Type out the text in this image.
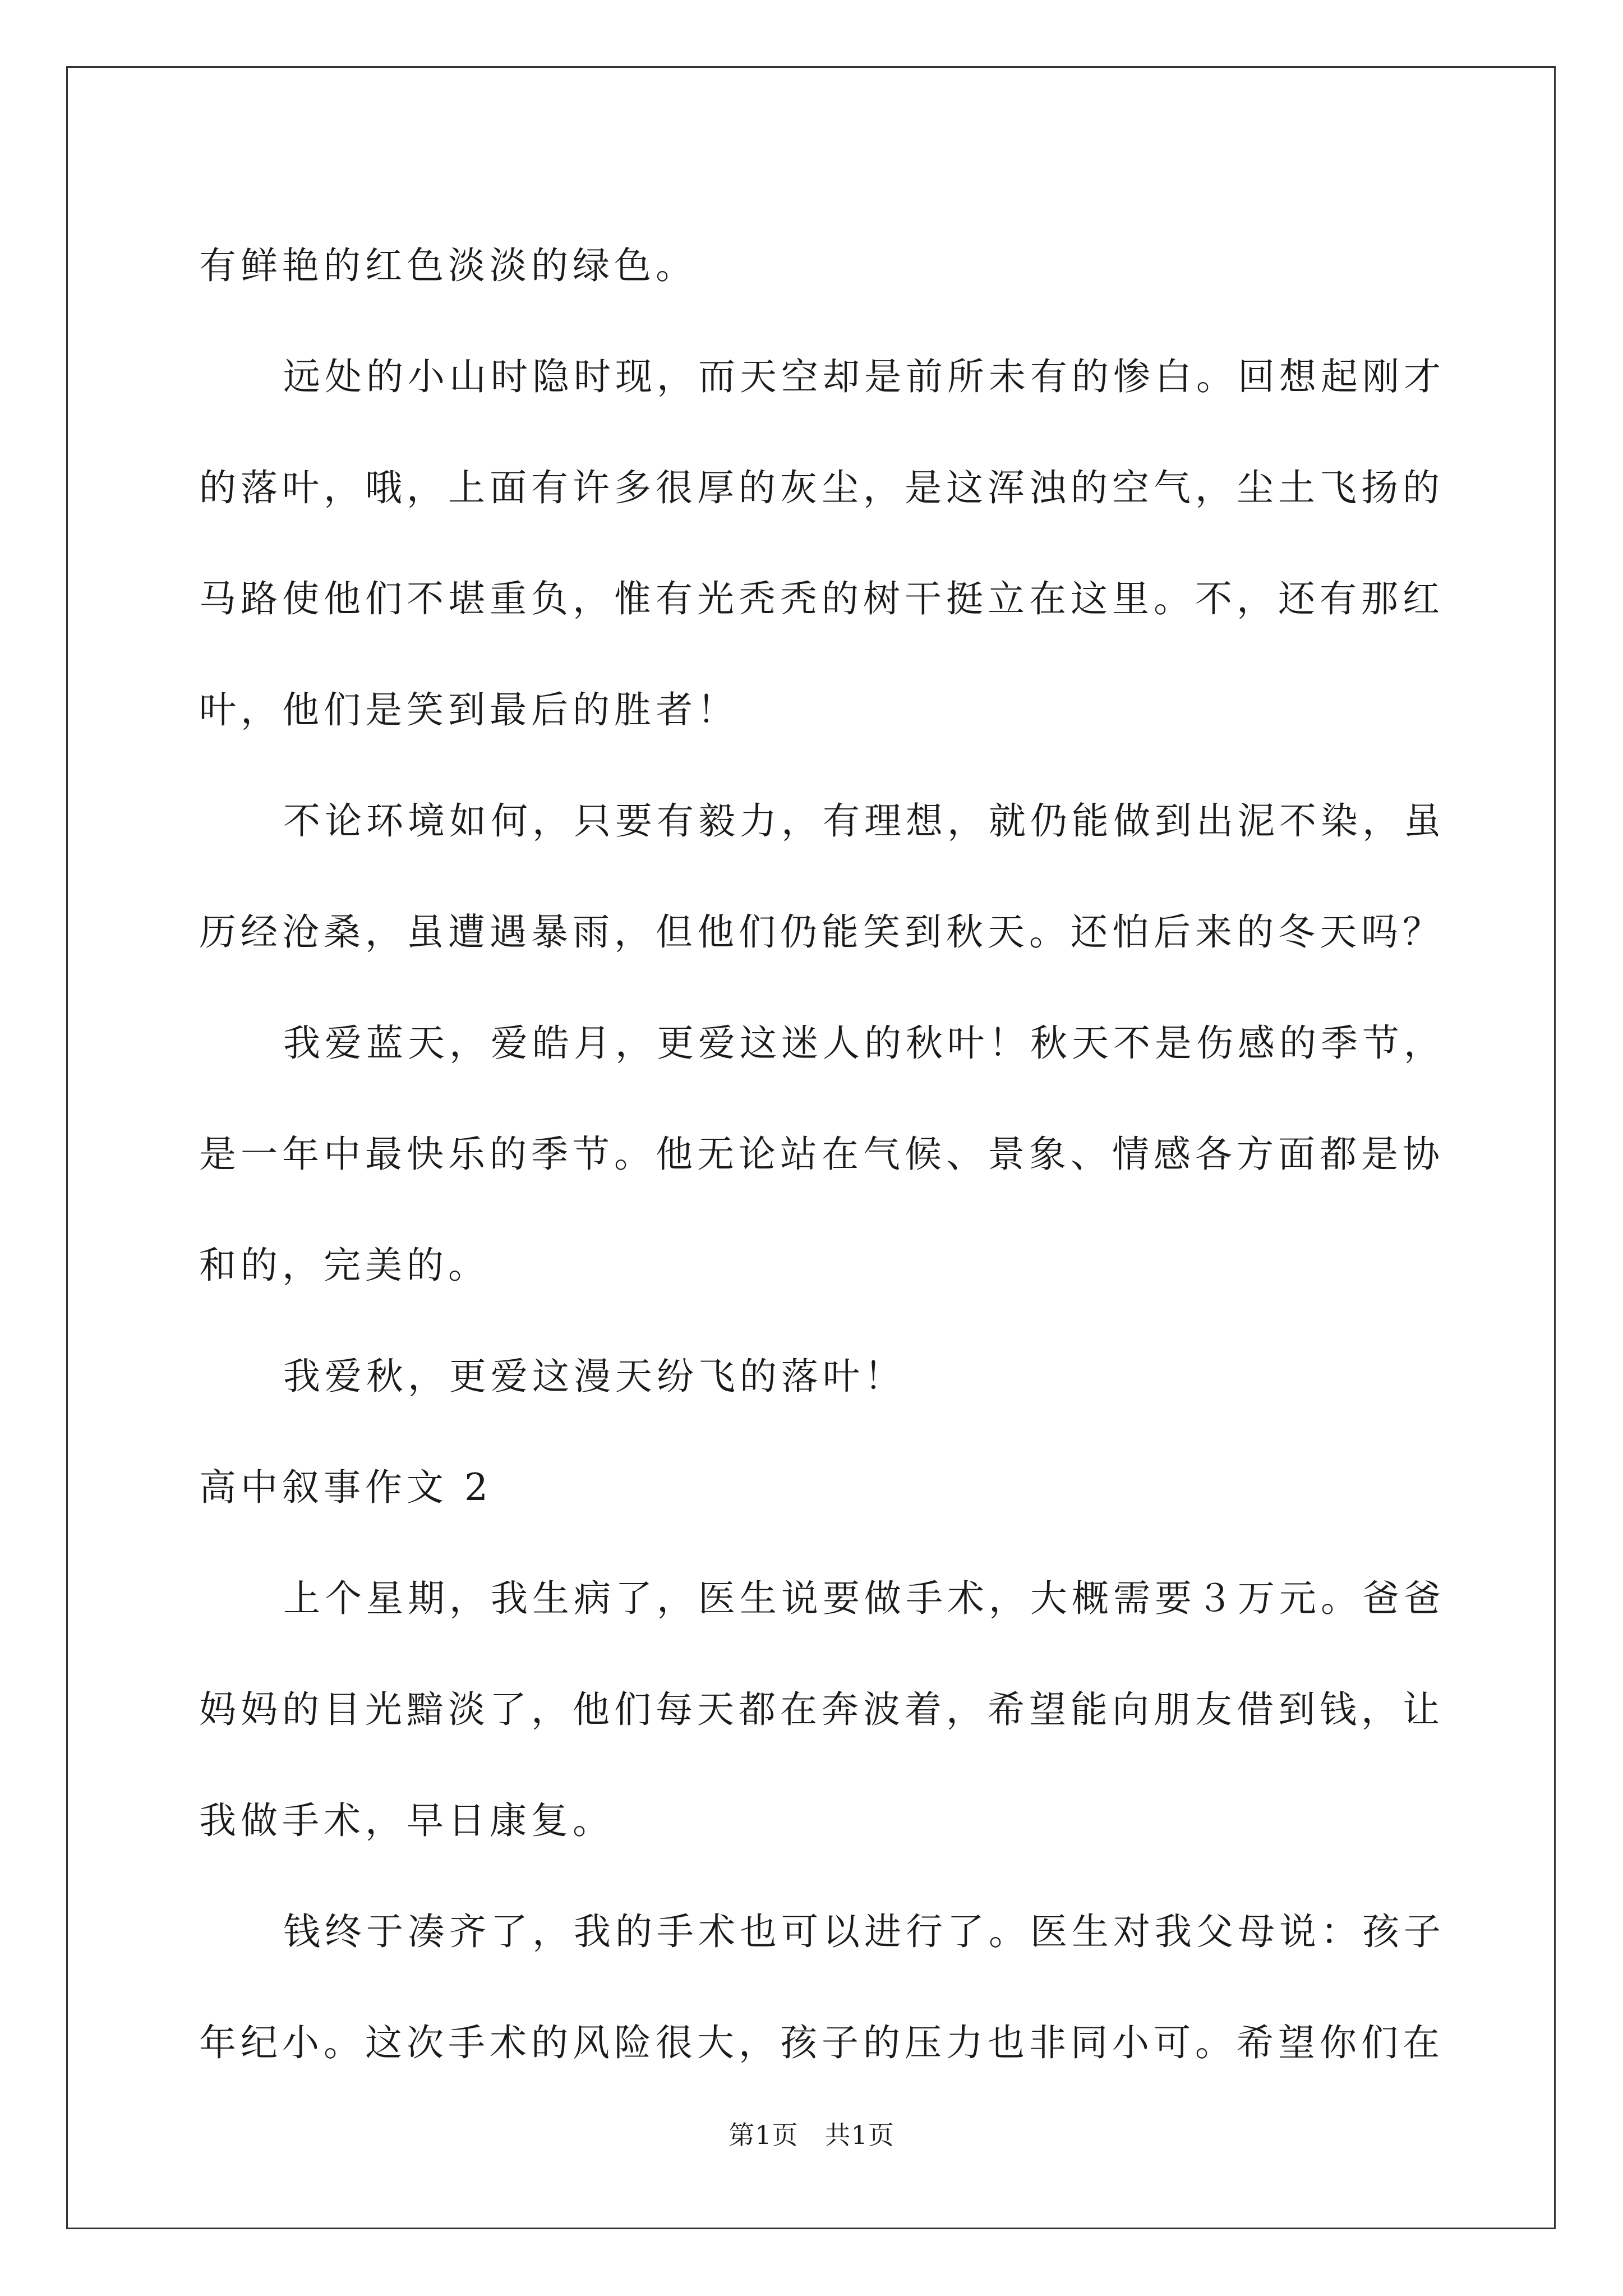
有鲜艳的红色淡淡的绿色。
远处的小山时隐时现，而天空却是前所未有的惨白。回想起刚才
的落叶，哦，上面有许多很厚的灰尘，是这浑浊的空气，尘土飞扬的
马路使他们不堪重负，惟有光秃秃的树干挺立在这里。不，还有那红
叶，他们是笑到最后的胜者！
不论环境如何，只要有毅力，有理想，就仍能做到出泥不染，虽
历经沧桑，虽遭遇暴雨，但他们仍能笑到秋天。还怕后来的冬天吗？
我爱蓝天，爱皓月，更爱这迷人的秋叶！秋天不是伤感的季节，
是一年中最快乐的季节。他无论站在气候、景象、情感各方面都是协
和的，完美的。
我爱秋，更爱这漫天纷飞的落叶！
高中叙事作文 2
上个星期，我生病了，医生说要做手术，大概需要３万元。爸爸
妈妈的目光黯淡了，他们每天都在奔波着，希望能向朋友借到钱，让
我做手术，早日康复。
钱终于凑齐了，我的手术也可以进行了。医生对我父母说：孩子
年纪小。这次手术的风险很大，孩子的压力也非同小可。希望你们在
第1页　共1页
